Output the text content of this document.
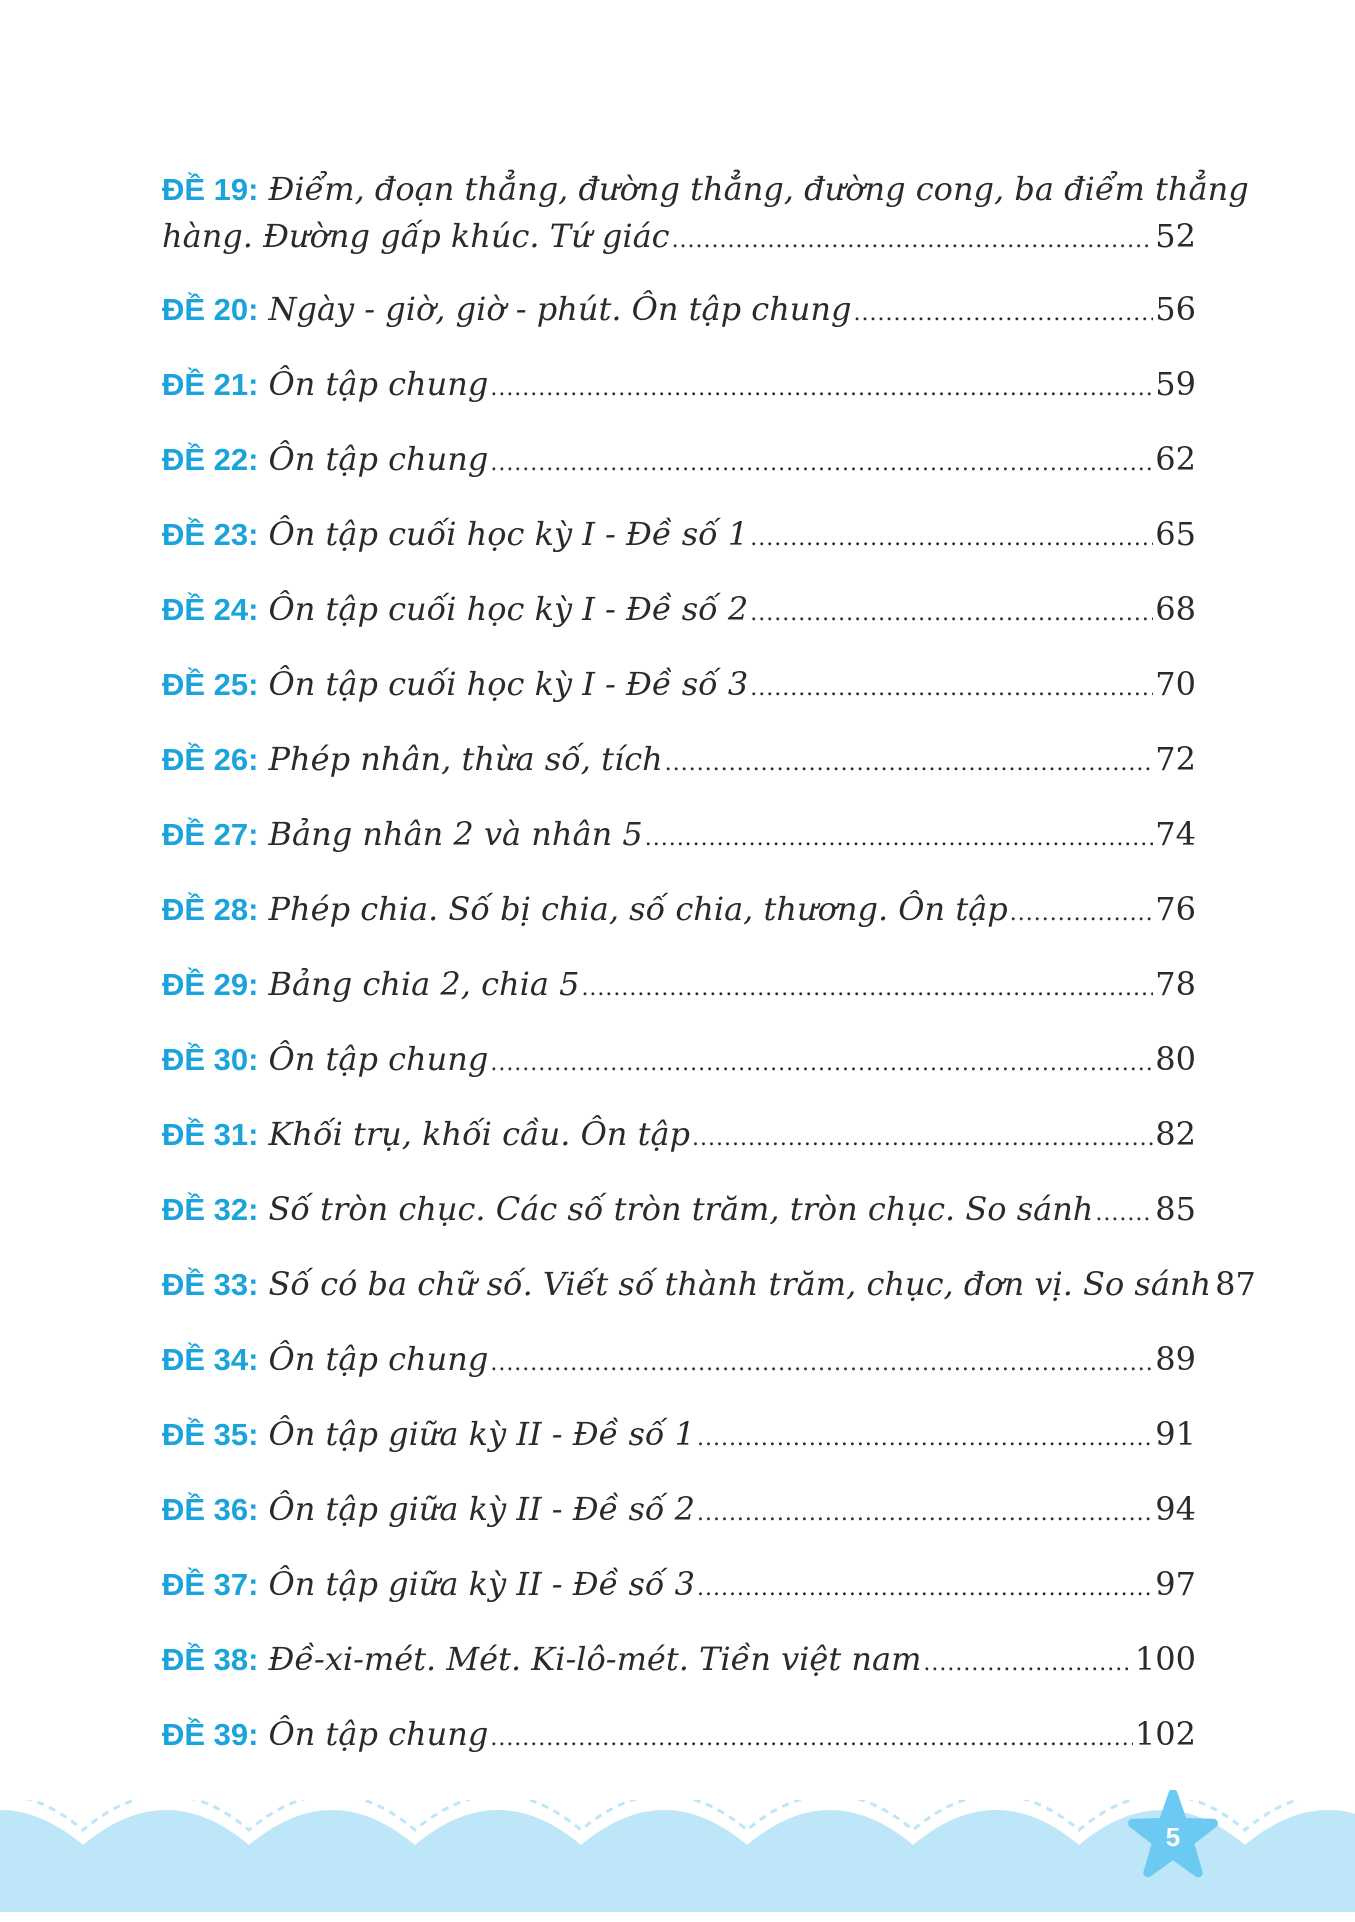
ĐỀ 19: Điểm, đoạn thẳng, đường thẳng, đường cong, ba điểm thẳng
hàng. Đường gấp khúc. Tứ giác .....	52
ĐỀ 20: Ngày - giờ, giờ - phút. Ôn tập chung .....	56
ĐỀ 21: Ôn tập chung .....	59
ĐỀ 22: Ôn tập chung .....	62
ĐỀ 23: Ôn tập cuối học kỳ I - Đề số 1 .....	65
ĐỀ 24: Ôn tập cuối học kỳ I - Đề số 2 .....	68
ĐỀ 25: Ôn tập cuối học kỳ I - Đề số 3 .....	70
ĐỀ 26: Phép nhân, thừa số, tích .....	72
ĐỀ 27: Bảng nhân 2 và nhân 5 .....	74
ĐỀ 28: Phép chia. Số bị chia, số chia, thương. Ôn tập .....	76
ĐỀ 29: Bảng chia 2, chia 5 .....	78
ĐỀ 30: Ôn tập chung .....	80
ĐỀ 31: Khối trụ, khối cầu. Ôn tập .....	82
ĐỀ 32: Số tròn chục. Các số tròn trăm, tròn chục. So sánh ..... 85
ĐỀ 33: Số có ba chữ số. Viết số thành trăm, chục, đơn vị. So sánh 87
ĐỀ 34: Ôn tập chung .....	89
ĐỀ 35: Ôn tập giữa kỳ II - Đề số 1 .....	91
ĐỀ 36: Ôn tập giữa kỳ II - Đề số 2 .....	94
ĐỀ 37: Ôn tập giữa kỳ II - Đề số 3 .....	97
ĐỀ 38: Đề-xi-mét. Mét. Ki-lô-mét. Tiền việt nam .....	100
ĐỀ 39: Ôn tập chung .....	102
5
